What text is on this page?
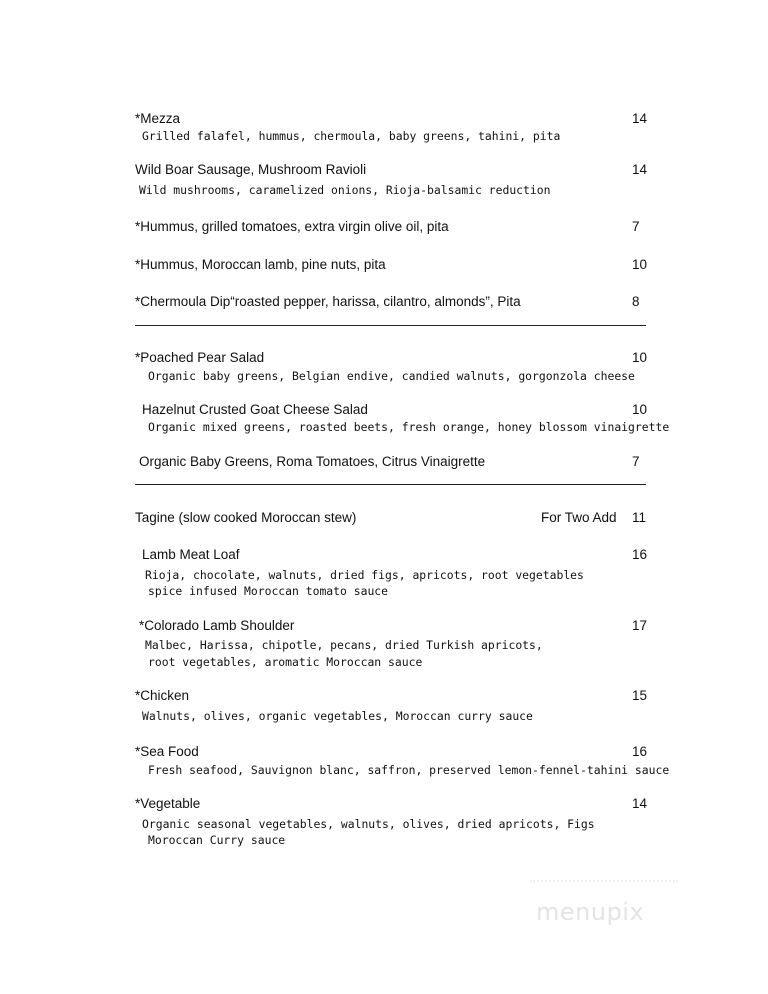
*Mezza	14
Grilled falafel, hummus, chermoula, baby greens, tahini, pita
Wild Boar Sausage, Mushroom Ravioli	14
Wild mushrooms, caramelized onions, Rioja-balsamic reduction
*Hummus, grilled tomatoes, extra virgin olive oil, pita	7
*Hummus, Moroccan lamb, pine nuts, pita	10
*Chermoula Dip“roasted pepper, harissa, cilantro, almonds”, Pita	8
*Poached Pear Salad	10
Organic baby greens, Belgian endive, candied walnuts, gorgonzola cheese
Hazelnut Crusted Goat Cheese Salad	10
Organic mixed greens, roasted beets, fresh orange, honey blossom vinaigrette
Organic Baby Greens, Roma Tomatoes, Citrus Vinaigrette	7
Tagine (slow cooked Moroccan stew)	For Two Add 11
Lamb Meat Loaf	16
Rioja, chocolate, walnuts, dried figs, apricots, root vegetables
spice infused Moroccan tomato sauce
*Colorado Lamb Shoulder	17
Malbec, Harissa, chipotle, pecans, dried Turkish apricots,
root vegetables, aromatic Moroccan sauce
*Chicken	15
Walnuts, olives, organic vegetables, Moroccan curry sauce
*Sea Food	16
Fresh seafood, Sauvignon blanc, saffron, preserved lemon-fennel-tahini sauce
*Vegetable	14
Organic seasonal vegetables, walnuts, olives, dried apricots, Figs
Moroccan Curry sauce
menupix
